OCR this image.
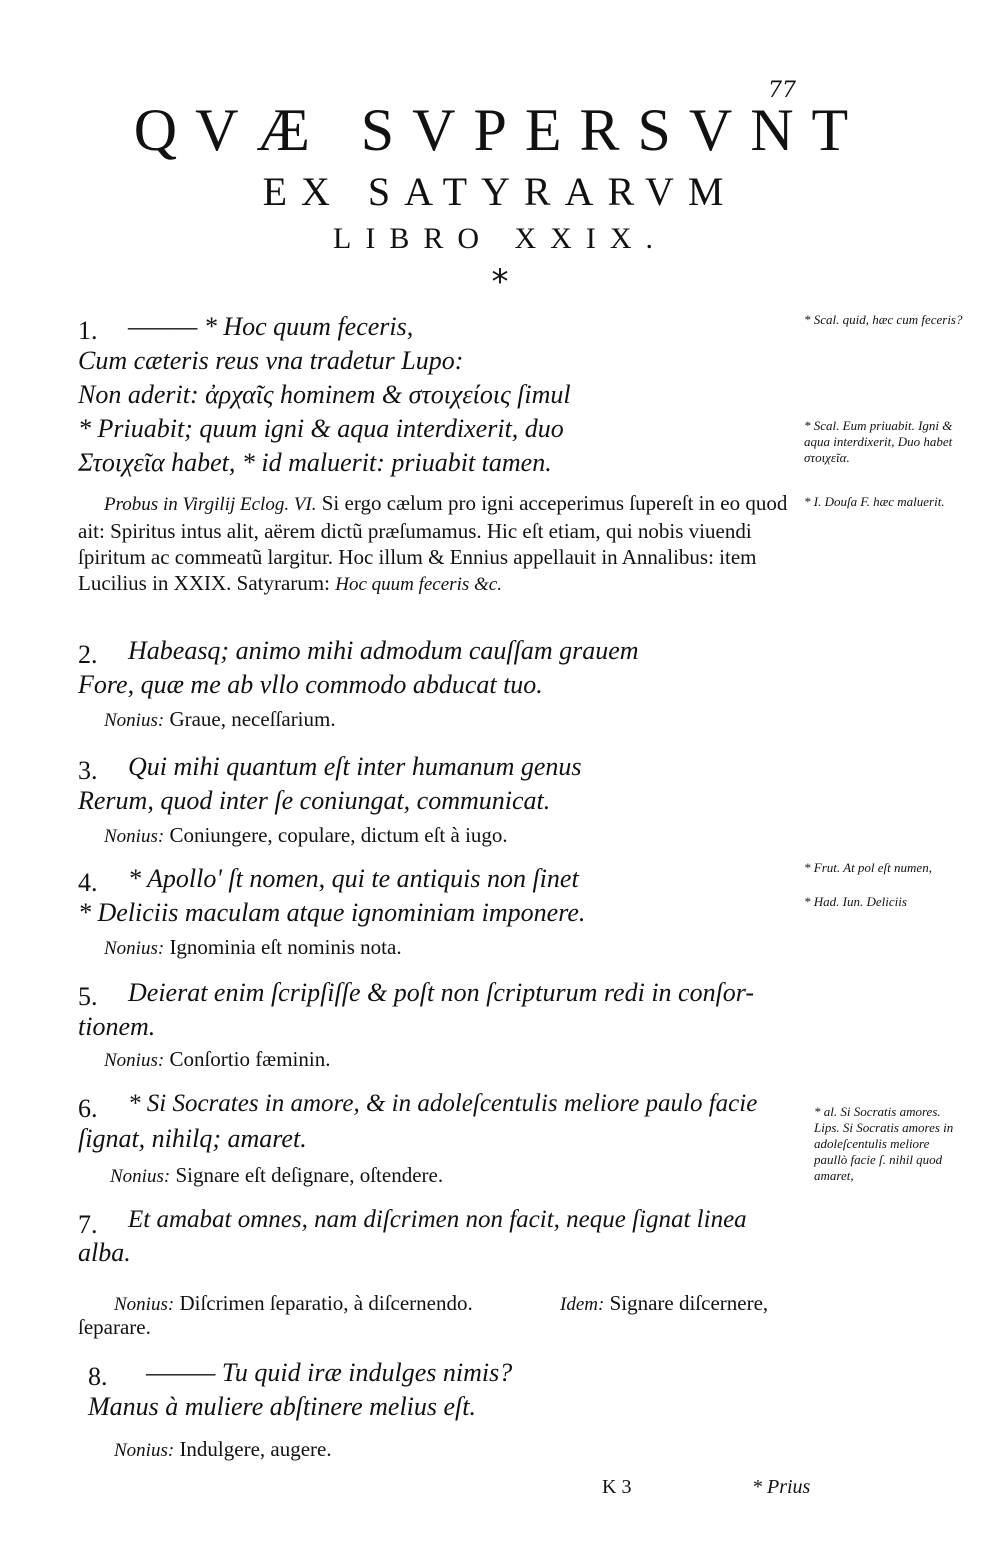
77
QVÆ SVPERSVNT
EX SATYRARVM
LIBRO XXIX.
*
1. ——— * Hoc quum feceris,
Cum cæteris reus vna tradetur Lupo:
Non aderit: ἀρχαῖς hominem & στοιχείοις ſimul
* Priuabit; quum igni & aqua interdixerit, duo
Στοιχεῖα habet, * id maluerit: priuabit tamen.
Probus in Virgilij Eclog. VI. Si ergo cælum pro igni acceperimus ſupereſt in eo quod ait: Spiritus intus alit, aërem dictũ præſumamus. Hic eſt etiam, qui nobis viuendi ſpiritum ac commeatũ largitur. Hoc illum & Ennius appellauit in Annalibus: item Lucilius in XXIX. Satyrarum: Hoc quum feceris &c.
2. Habeasq; animo mihi admodum cauſſam grauem
Fore, quæ me ab vllo commodo abducat tuo.
Nonius: Graue, neceſſarium.
3. Qui mihi quantum eſt inter humanum genus
Rerum, quod inter ſe coniungat, communicat.
Nonius: Coniungere, copulare, dictum eſt à iugo.
4. * Apollo' ſt nomen, qui te antiquis non ſinet
* Deliciis maculam atque ignominiam imponere.
Nonius: Ignominia eſt nominis nota.
5. Deierat enim ſcripſiſſe & poſt non ſcripturum redi in conſor-
tionem.
Nonius: Conſortio fæminin.
6. * Si Socrates in amore, & in adoleſcentulis meliore paulo facie
ſignat, nihilq; amaret.
Nonius: Signare eſt deſignare, oſtendere.
7. Et amabat omnes, nam diſcrimen non facit, neque ſignat linea
alba.
Nonius: Diſcrimen ſeparatio, à diſcernendo.	Idem: Signare diſcernere,
ſeparare.
8. ——— Tu quid iræ indulges nimis?
Manus à muliere abſtinere melius eſt.
Nonius: Indulgere, augere.
* Scal. quid, hæc cum feceris?
* Scal. Eum priuabit. Igni & aqua interdixerit, Duo habet στοιχεῖα.
* I. Douſa F. hæc maluerit.
* Frut. At pol eſt numen,
* Had. Iun. Deliciis
* al. Si Socratis amores. Lips. Si Socratis amores in adoleſcentulis meliore paullò facie ſ. nihil quod amaret,
K 3	* Prius
